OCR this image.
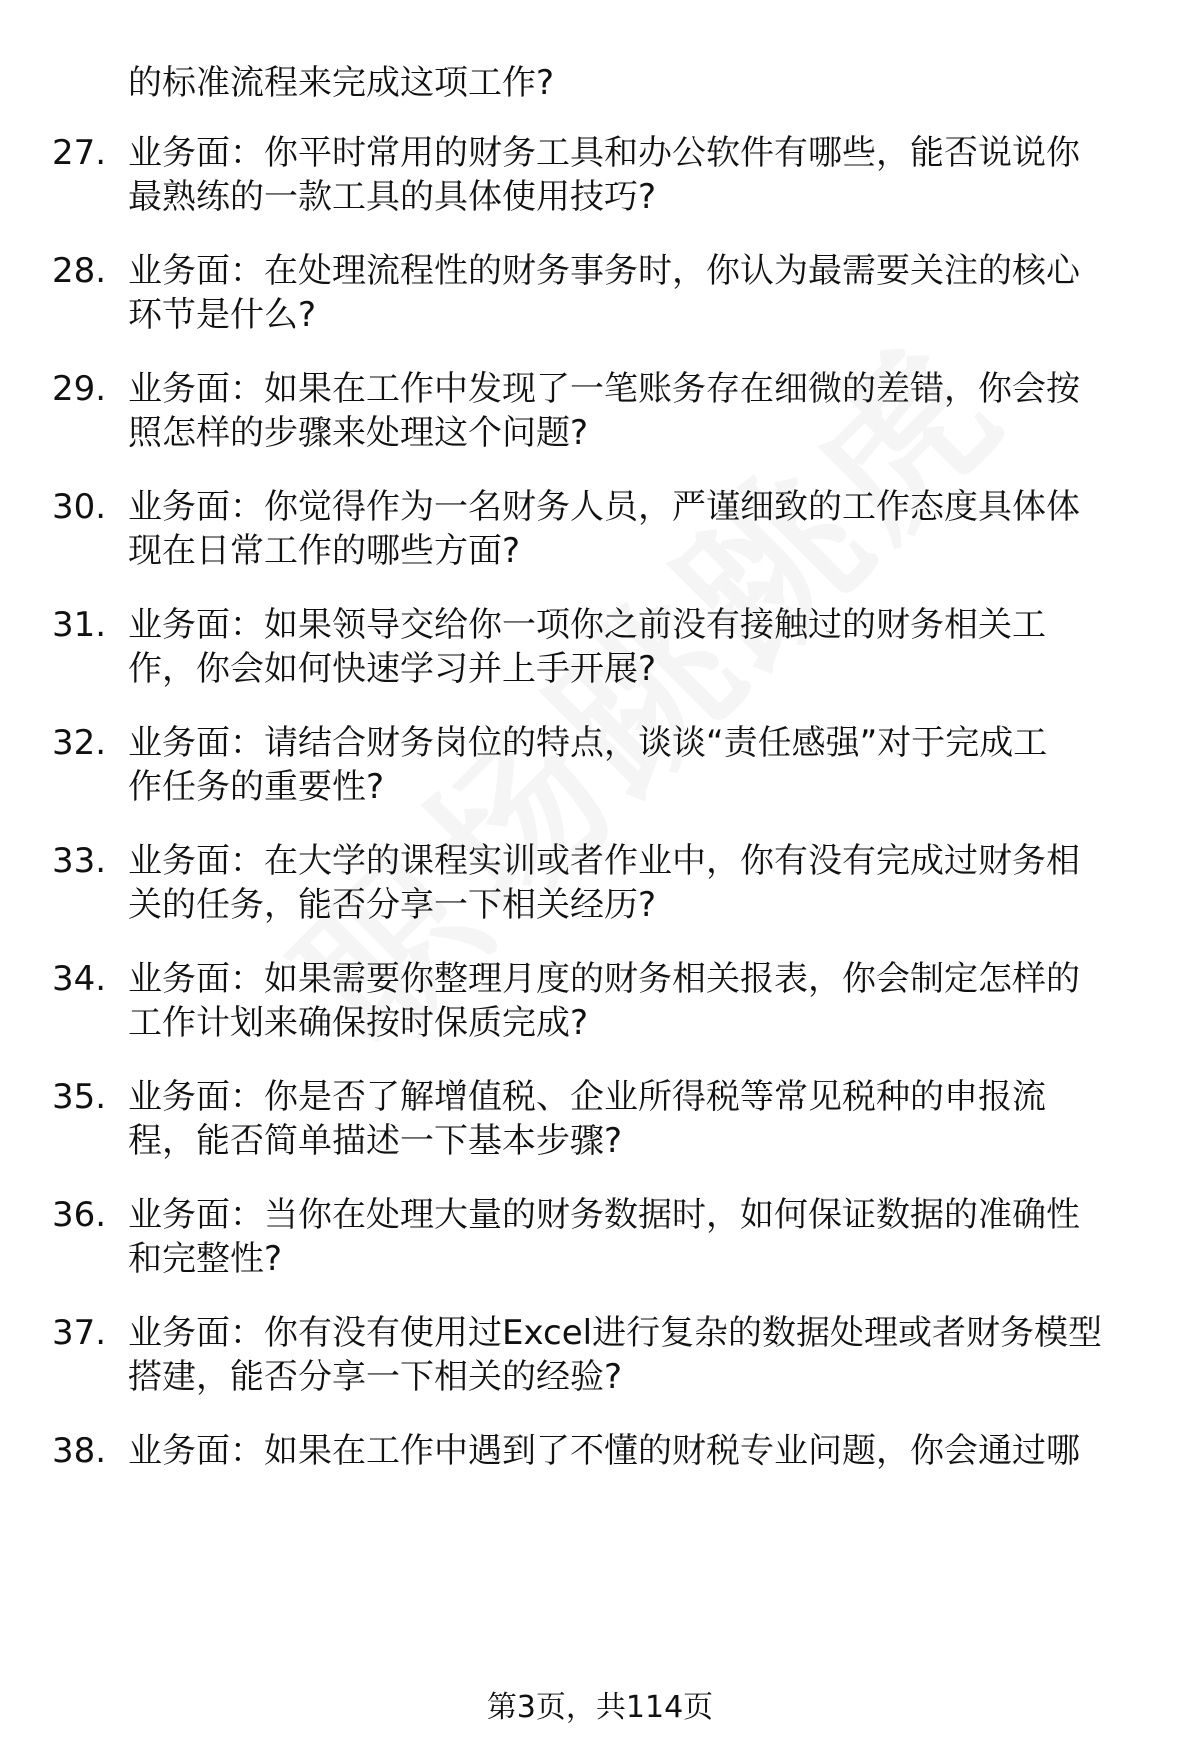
的标准流程来完成这项工作?
27. 业务面：你平时常用的财务工具和办公软件有哪些，能否说说你
最熟练的一款工具的具体使用技巧?
28. 业务面：在处理流程性的财务事务时，你认为最需要关注的核心
环节是什么?
29. 业务面：如果在工作中发现了一笔账务存在细微的差错，你会按
照怎样的步骤来处理这个问题?
30. 业务面：你觉得作为一名财务人员，严谨细致的工作态度具体体
现在日常工作的哪些方面?
31. 业务面：如果领导交给你一项你之前没有接触过的财务相关工
作，你会如何快速学习并上手开展?
32. 业务面：请结合财务岗位的特点，谈谈“责任感强”对于完成工
作任务的重要性?
33. 业务面：在大学的课程实训或者作业中，你有没有完成过财务相
关的任务，能否分享一下相关经历?
34. 业务面：如果需要你整理月度的财务相关报表，你会制定怎样的
工作计划来确保按时保质完成?
35. 业务面：你是否了解增值税、企业所得税等常见税种的申报流
程，能否简单描述一下基本步骤?
36. 业务面：当你在处理大量的财务数据时，如何保证数据的准确性
和完整性?
37. 业务面：你有没有使用过Excel进行复杂的数据处理或者财务模型
搭建，能否分享一下相关的经验?
38. 业务面：如果在工作中遇到了不懂的财税专业问题，你会通过哪
第3页，共114页
